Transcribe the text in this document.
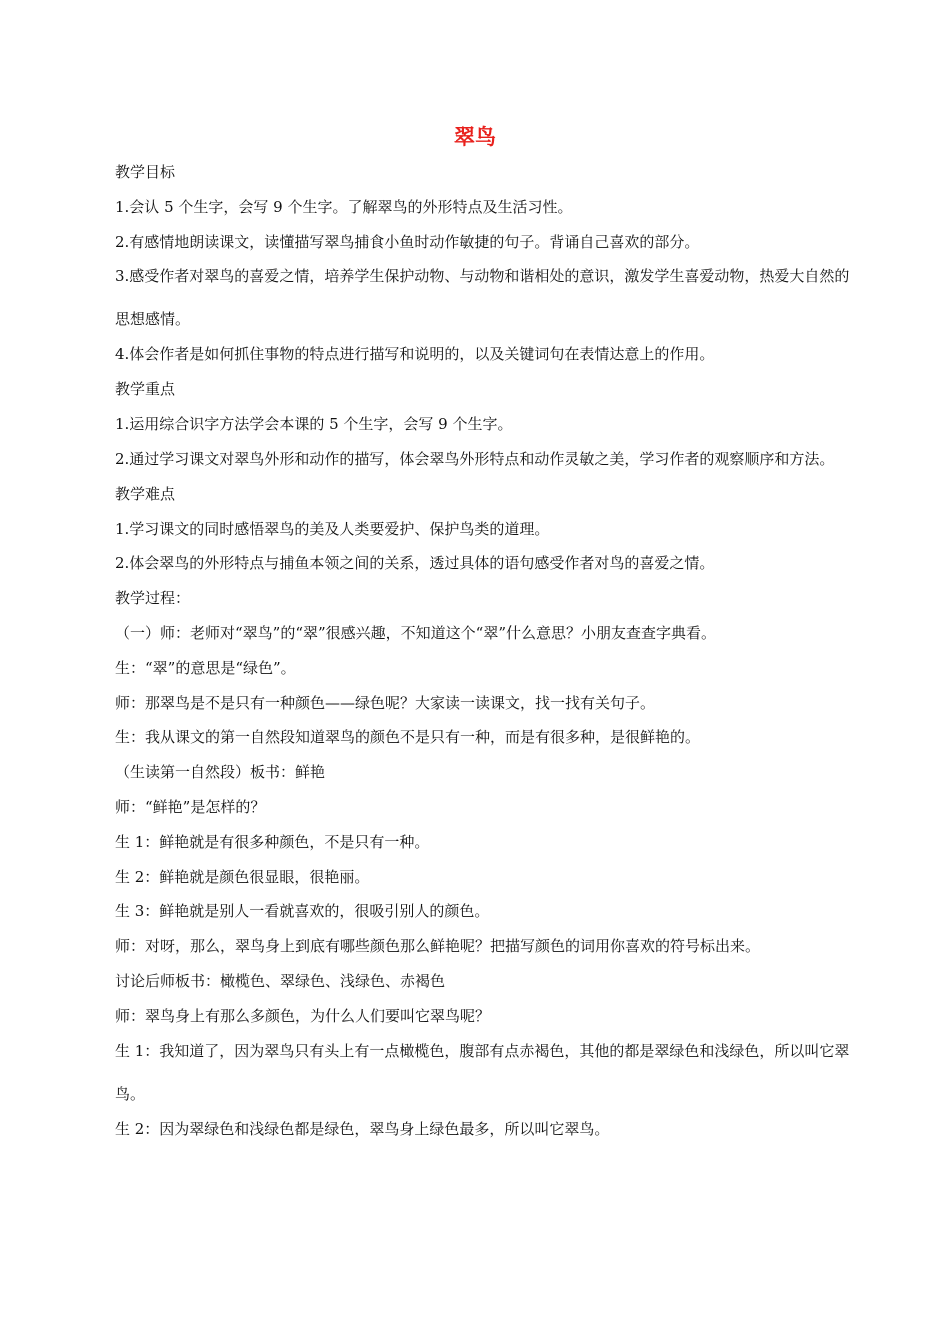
翠鸟
教学目标
1.会认 5 个生字，会写 9 个生字。了解翠鸟的外形特点及生活习性。
2.有感情地朗读课文，读懂描写翠鸟捕食小鱼时动作敏捷的句子。背诵自己喜欢的部分。
3.感受作者对翠鸟的喜爱之情，培养学生保护动物、与动物和谐相处的意识，激发学生喜爱动物，热爱大自然的思想感情。
4.体会作者是如何抓住事物的特点进行描写和说明的，以及关键词句在表情达意上的作用。
教学重点
1.运用综合识字方法学会本课的 5 个生字，会写 9 个生字。
2.通过学习课文对翠鸟外形和动作的描写，体会翠鸟外形特点和动作灵敏之美，学习作者的观察顺序和方法。
教学难点
1.学习课文的同时感悟翠鸟的美及人类要爱护、保护鸟类的道理。
2.体会翠鸟的外形特点与捕鱼本领之间的关系，透过具体的语句感受作者对鸟的喜爱之情。
教学过程：
（一）师：老师对“翠鸟”的“翠”很感兴趣，不知道这个“翠”什么意思？小朋友查查字典看。
生：“翠”的意思是“绿色”。
师：那翠鸟是不是只有一种颜色——绿色呢？大家读一读课文，找一找有关句子。
生：我从课文的第一自然段知道翠鸟的颜色不是只有一种，而是有很多种，是很鲜艳的。
（生读第一自然段）板书：鲜艳
师：“鲜艳”是怎样的？
生 1：鲜艳就是有很多种颜色，不是只有一种。
生 2：鲜艳就是颜色很显眼，很艳丽。
生 3：鲜艳就是别人一看就喜欢的，很吸引别人的颜色。
师：对呀，那么，翠鸟身上到底有哪些颜色那么鲜艳呢？把描写颜色的词用你喜欢的符号标出来。
讨论后师板书：橄榄色、翠绿色、浅绿色、赤褐色
师：翠鸟身上有那么多颜色，为什么人们要叫它翠鸟呢？
生 1：我知道了，因为翠鸟只有头上有一点橄榄色，腹部有点赤褐色，其他的都是翠绿色和浅绿色，所以叫它翠鸟。
生 2：因为翠绿色和浅绿色都是绿色，翠鸟身上绿色最多，所以叫它翠鸟。
